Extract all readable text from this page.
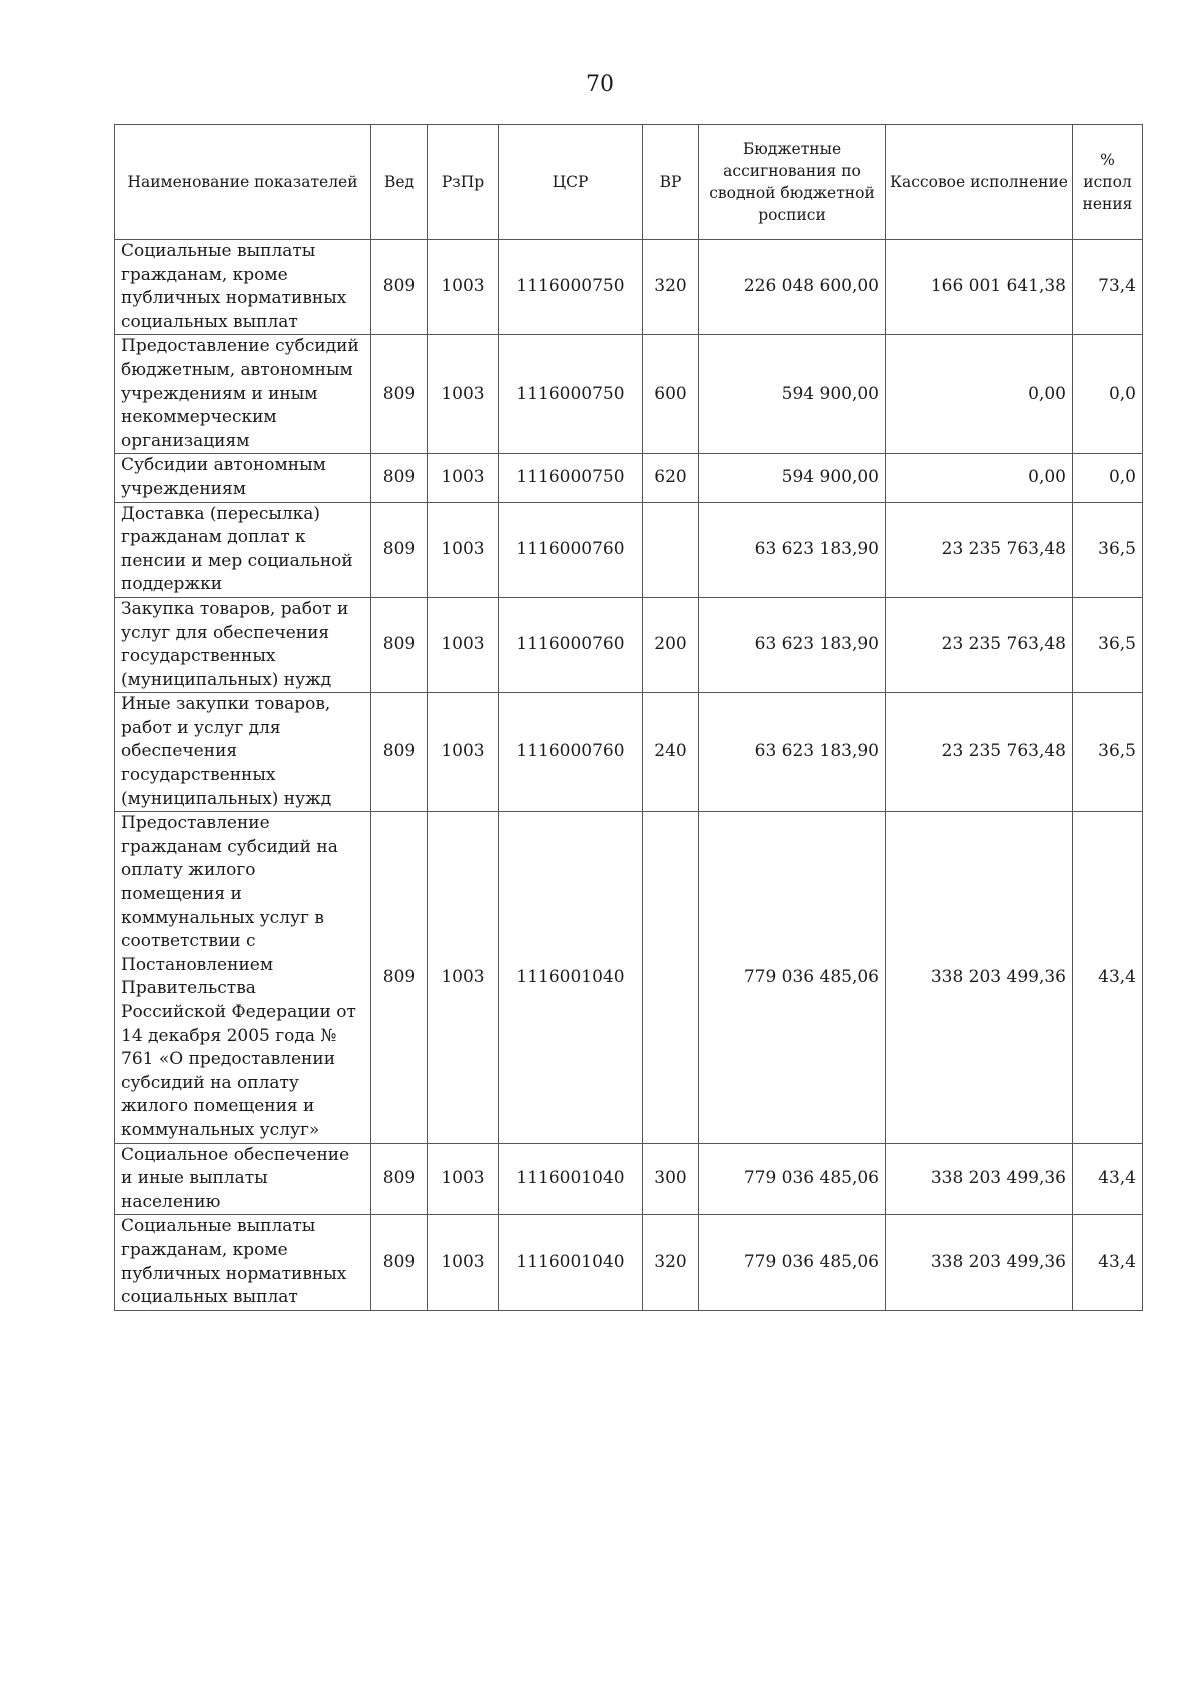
70
Наименование показателей	Вед	РзПр	ЦСР	ВР	Бюджетные ассигнования по сводной бюджетной росписи	Кассовое исполнение	% испол нения
Социальные выплаты гражданам, кроме публичных нормативных социальных выплат	809	1003	1116000750	320	226 048 600,00	166 001 641,38	73,4
Предоставление субсидий бюджетным, автономным учреждениям и иным некоммерческим организациям	809	1003	1116000750	600	594 900,00	0,00	0,0
Субсидии автономным учреждениям	809	1003	1116000750	620	594 900,00	0,00	0,0
Доставка (пересылка) гражданам доплат к пенсии и мер социальной поддержки	809	1003	1116000760		63 623 183,90	23 235 763,48	36,5
Закупка товаров, работ и услуг для обеспечения государственных (муниципальных) нужд	809	1003	1116000760	200	63 623 183,90	23 235 763,48	36,5
Иные закупки товаров, работ и услуг для обеспечения государственных (муниципальных) нужд	809	1003	1116000760	240	63 623 183,90	23 235 763,48	36,5
Предоставление гражданам субсидий на оплату жилого помещения и коммунальных услуг в соответствии с Постановлением Правительства Российской Федерации от 14 декабря 2005 года № 761 «О предоставлении субсидий на оплату жилого помещения и коммунальных услуг»	809	1003	1116001040		779 036 485,06	338 203 499,36	43,4
Социальное обеспечение и иные выплаты населению	809	1003	1116001040	300	779 036 485,06	338 203 499,36	43,4
Социальные выплаты гражданам, кроме публичных нормативных социальных выплат	809	1003	1116001040	320	779 036 485,06	338 203 499,36	43,4
